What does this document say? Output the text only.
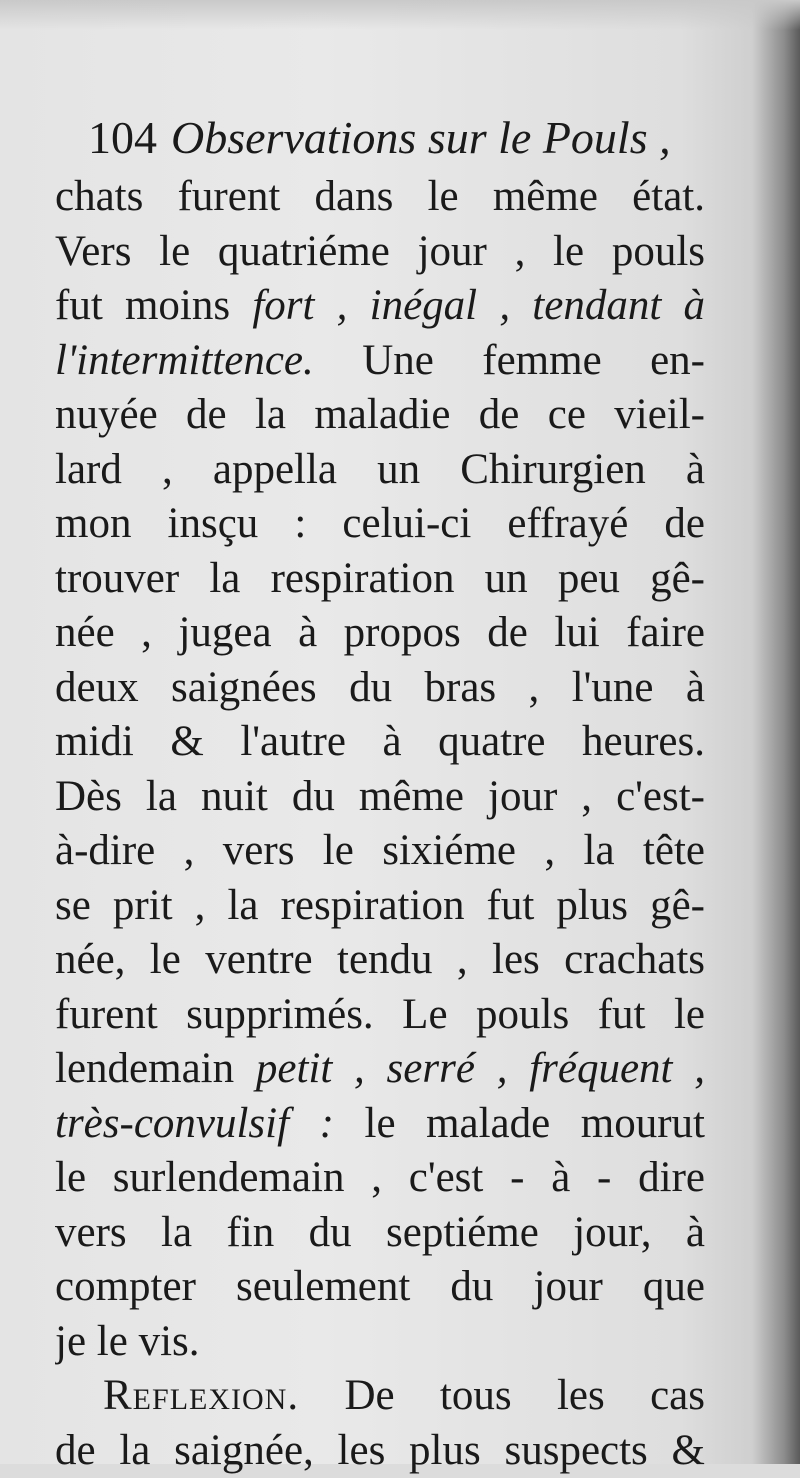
104 Observations sur le Pouls ,
chats furent dans le même état.
Vers le quatriéme jour , le pouls
fut moins fort , inégal , tendant à
l'intermittence. Une femme en-
nuyée de la maladie de ce vieil-
lard , appella un Chirurgien à
mon insçu : celui-ci effrayé de
trouver la respiration un peu gê-
née , jugea à propos de lui faire
deux saignées du bras , l'une à
midi & l'autre à quatre heures.
Dès la nuit du même jour , c'est-
à-dire , vers le sixiéme , la tête
se prit , la respiration fut plus gê-
née, le ventre tendu , les crachats
furent supprimés. Le pouls fut le
lendemain petit , serré , fréquent ,
très-convulsif : le malade mourut
le surlendemain , c'est - à - dire
vers la fin du septiéme jour, à
compter seulement du jour que
je le vis.
Reflexion. De tous les cas
de la saignée, les plus suspects &
